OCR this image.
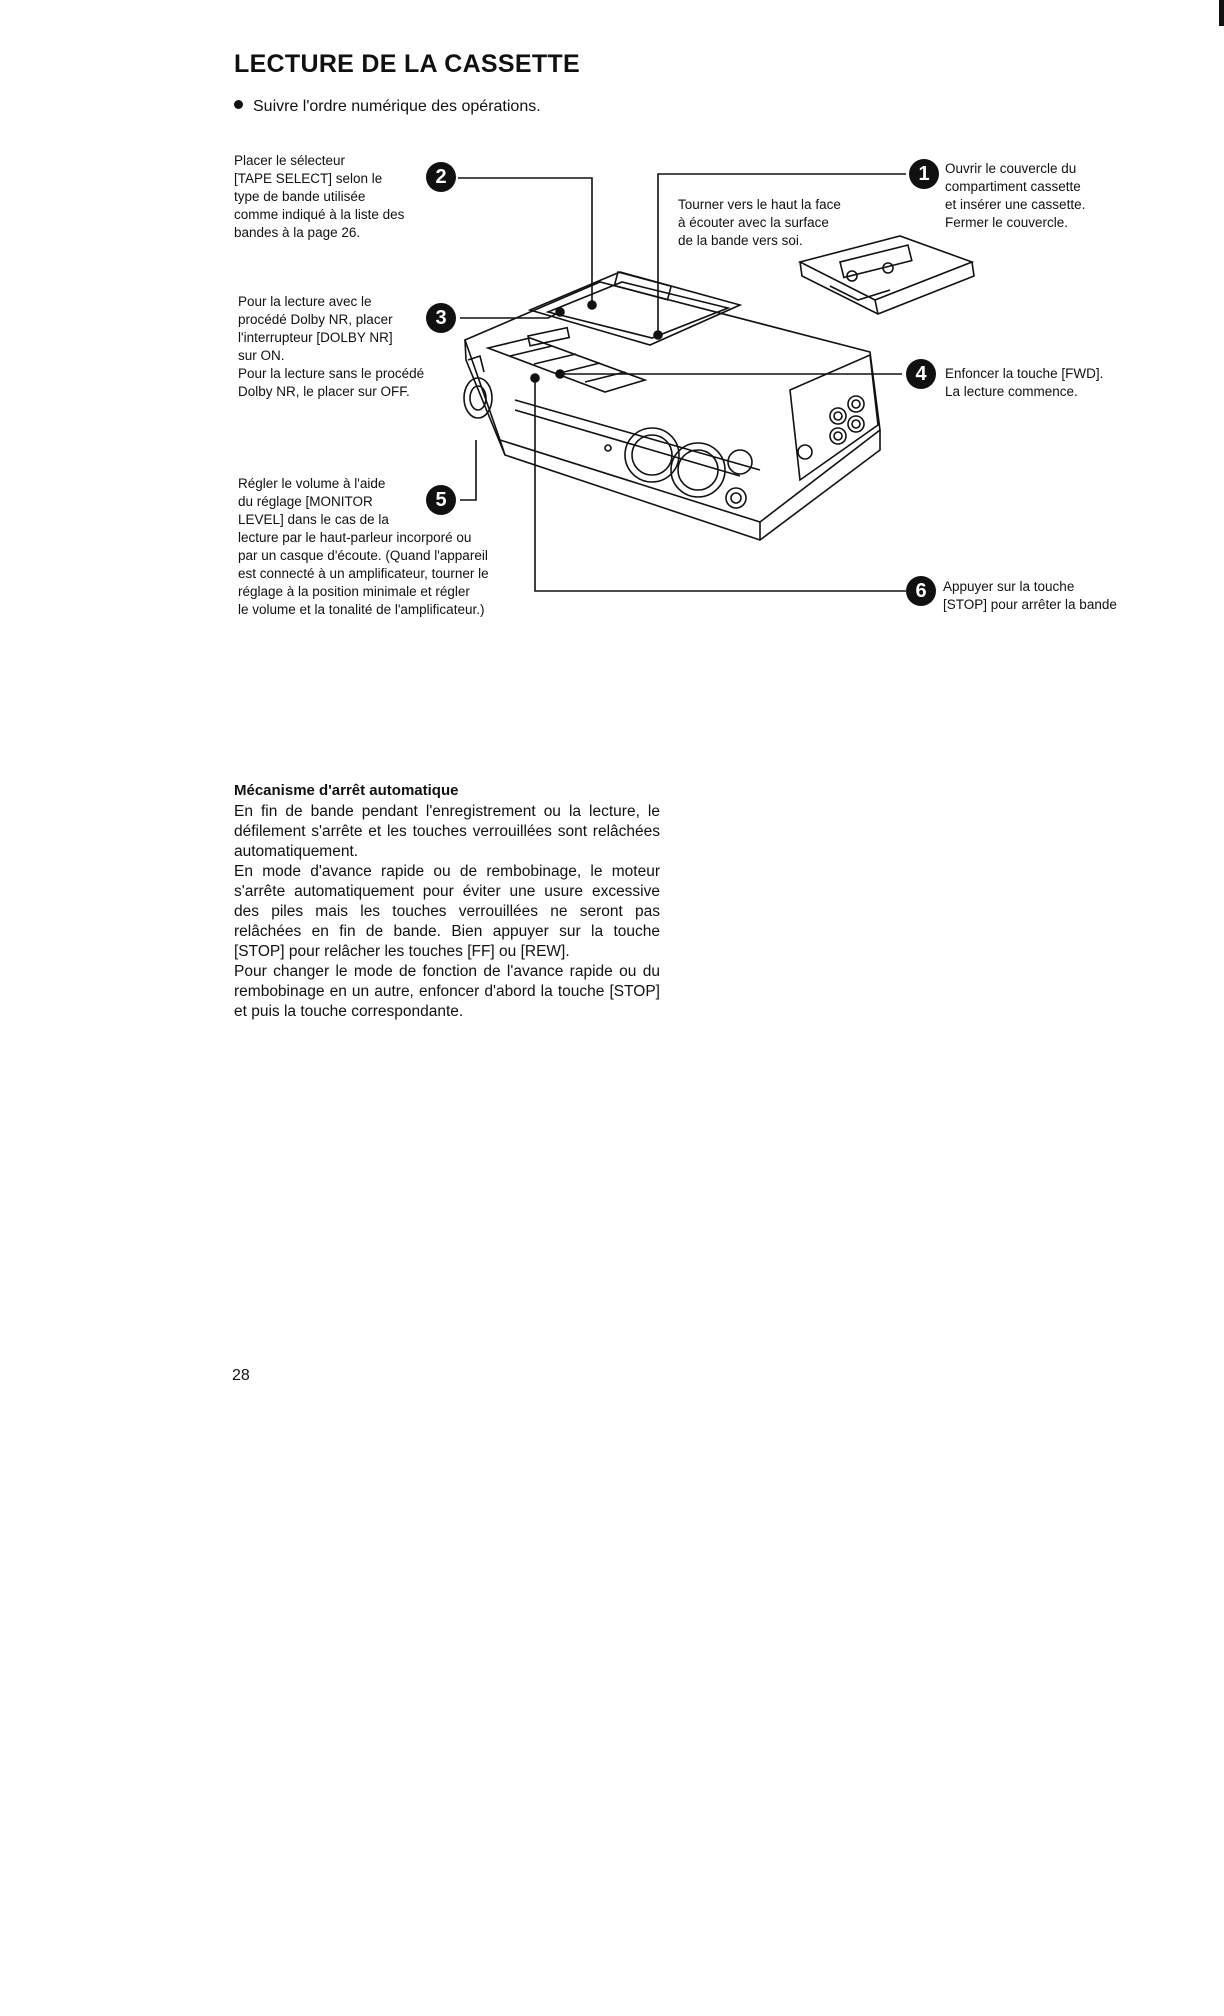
LECTURE DE LA CASSETTE
Suivre l'ordre numérique des opérations.
1
2
3
4
5
6
Ouvrir le couvercle du
compartiment cassette
et insérer une cassette.
Fermer le couvercle.
Placer le sélecteur
[TAPE SELECT] selon le
type de bande utilisée
comme indiqué à la liste des
bandes à la page 26.
Tourner vers le haut la face
à écouter avec la surface
de la bande vers soi.
Pour la lecture avec le
procédé Dolby NR, placer
l'interrupteur [DOLBY NR]
sur ON.
Pour la lecture sans le procédé
Dolby NR, le placer sur OFF.
Enfoncer la touche [FWD].
La lecture commence.
Régler le volume à l'aide
du réglage [MONITOR
LEVEL] dans le cas de la
lecture par le haut-parleur incorporé ou
par un casque d'écoute. (Quand l'appareil
est connecté à un amplificateur, tourner le
réglage à la position minimale et régler
le volume et la tonalité de l'amplificateur.)
Appuyer sur la touche
[STOP] pour arrêter la bande
Mécanisme d'arrêt automatique

En fin de bande pendant l'enregistrement ou la lecture, le défilement s'arrête et les touches verrouillées sont relâchées automatiquement.

En mode d'avance rapide ou de rembobinage, le moteur s'arrête automatiquement pour éviter une usure excessive des piles mais les touches verrouillées ne seront pas relâchées en fin de bande. Bien appuyer sur la touche [STOP] pour relâcher les touches [FF] ou [REW].

Pour changer le mode de fonction de l'avance rapide ou du rembobinage en un autre, enfoncer d'abord la touche [STOP] et puis la touche correspondante.

28
